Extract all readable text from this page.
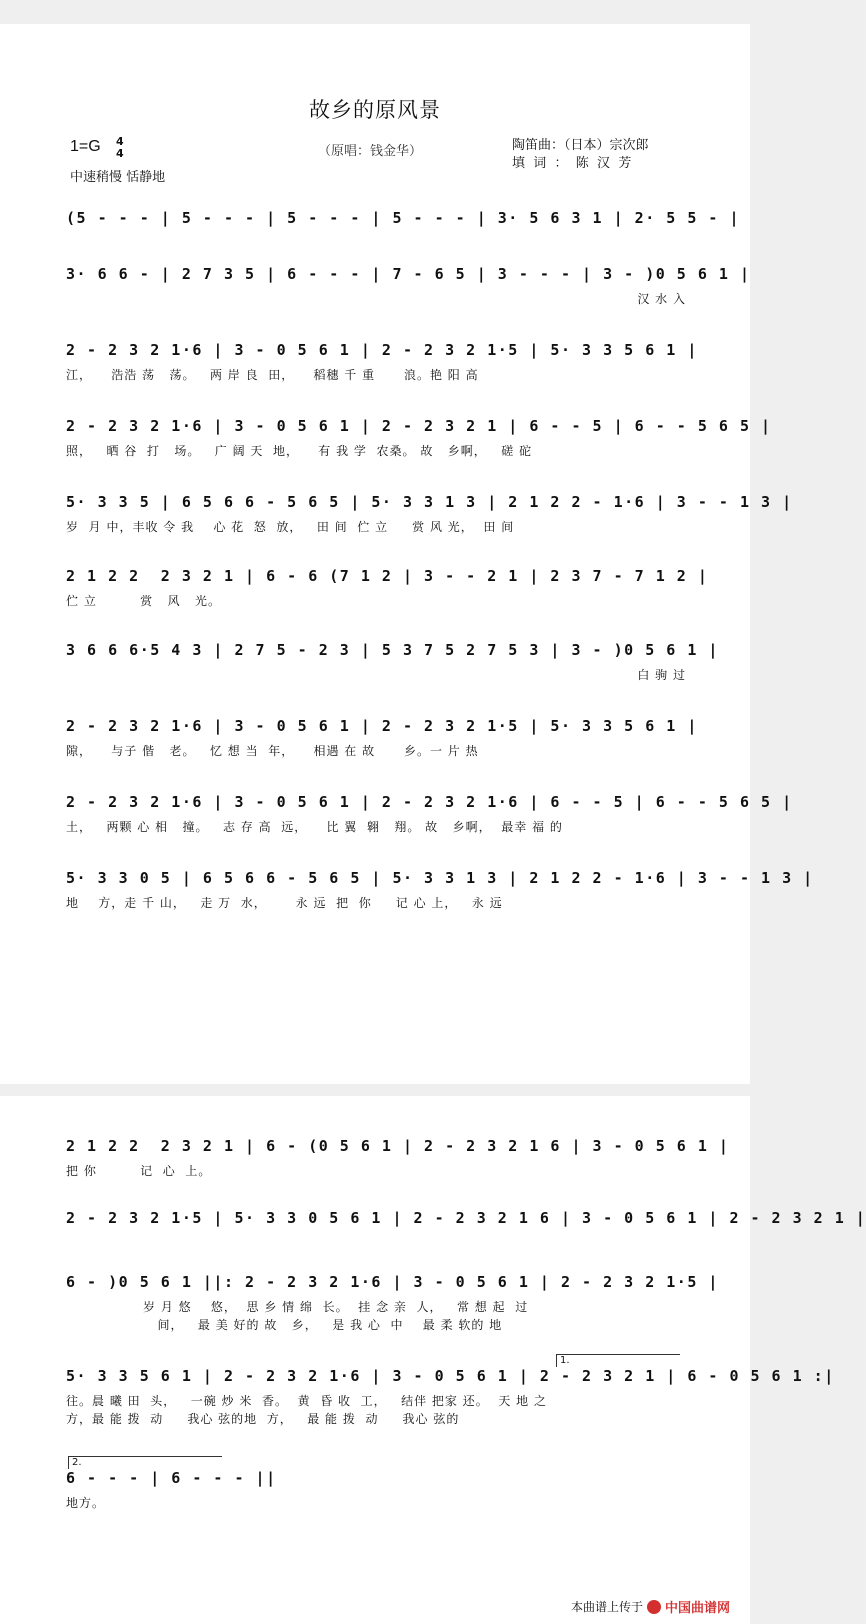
故乡的原风景
1=G 4
4
中速稍慢 恬静地
（原唱：钱金华）	陶笛曲：（日本）宗次郎
填  词  ：  陈  汉  芳
(5 - - - | 5 - - - | 5 - - - | 5 - - - | 3· 5 6 3 1 | 2· 5 5 - |
3· 6 6 - | 2 7 3 5 | 6 - - - | 7 - 6 5 | 3 - - - | 3 - )0 5 6 1 |
汉 水 入
2 - 2 3 2 1·6 | 3 - 0 5 6 1 | 2 - 2 3 2 1·5 | 5· 3 3 5 6 1 |
江，    浩浩 荡   荡。   两 岸 良  田，    稻穗 千 重      浪。艳 阳 高
2 - 2 3 2 1·6 | 3 - 0 5 6 1 | 2 - 2 3 2 1 | 6 - - 5 | 6 - - 5 6 5 |
照，   晒 谷  打   场。   广 阔 天  地，    有 我 学  农桑。 故   乡啊，   磋 砣
5· 3 3 5 | 6 5 6 6 - 5 6 5 | 5· 3 3 1 3 | 2 1 2 2 - 1·6 | 3 - - 1 3 |
岁  月 中，丰收 令 我    心 花  怒  放，   田 间  伫 立     赏 风 光，  田 间
2 1 2 2  2 3 2 1 | 6 - 6 (7 1 2 | 3 - - 2 1 | 2 3 7 - 7 1 2 |
伫 立         赏   风   光。
3 6 6 6·5 4 3 | 2 7 5 - 2 3 | 5 3 7 5 2 7 5 3 | 3 - )0 5 6 1 |
白 驹 过
2 - 2 3 2 1·6 | 3 - 0 5 6 1 | 2 - 2 3 2 1·5 | 5· 3 3 5 6 1 |
隙，    与子 偕   老。   忆 想 当  年，    相遇 在 故      乡。一 片 热
2 - 2 3 2 1·6 | 3 - 0 5 6 1 | 2 - 2 3 2 1·6 | 6 - - 5 | 6 - - 5 6 5 |
土，   两颗 心 相   撞。   志 存 高  远，    比 翼  翱   翔。 故   乡啊，  最幸 福 的
5· 3 3 0 5 | 6 5 6 6 - 5 6 5 | 5· 3 3 1 3 | 2 1 2 2 - 1·6 | 3 - - 1 3 |
地    方，走 千 山，   走 万  水，      永 远  把  你     记 心 上，   永 远
2 1 2 2  2 3 2 1 | 6 - (0 5 6 1 | 2 - 2 3 2 1 6 | 3 - 0 5 6 1 |
把 你         记  心  上。
2 - 2 3 2 1·5 | 5· 3 3 0 5 6 1 | 2 - 2 3 2 1 6 | 3 - 0 5 6 1 | 2 - 2 3 2 1 |
6 - )0 5 6 1 ||: 2 - 2 3 2 1·6 | 3 - 0 5 6 1 | 2 - 2 3 2 1·5 |
岁 月 悠    悠，  思 乡 情 绵  长。  挂 念 亲  人，   常 想 起  过
间，   最 美 好的 故   乡，   是 我 心  中    最 柔 软的 地
1.
5· 3 3 5 6 1 | 2 - 2 3 2 1·6 | 3 - 0 5 6 1 | 2 - 2 3 2 1 | 6 - 0 5 6 1 :|
往。晨 曦 田  头，   一碗 炒 米  香。  黄  昏 收  工，   结伴 把家 还。  天 地 之
方，最 能 拨  动     我心 弦的地  方，   最 能 拨  动     我心 弦的
2.
6 - - - | 6 - - - ||
地方。
本曲谱上传于 中国曲谱网
